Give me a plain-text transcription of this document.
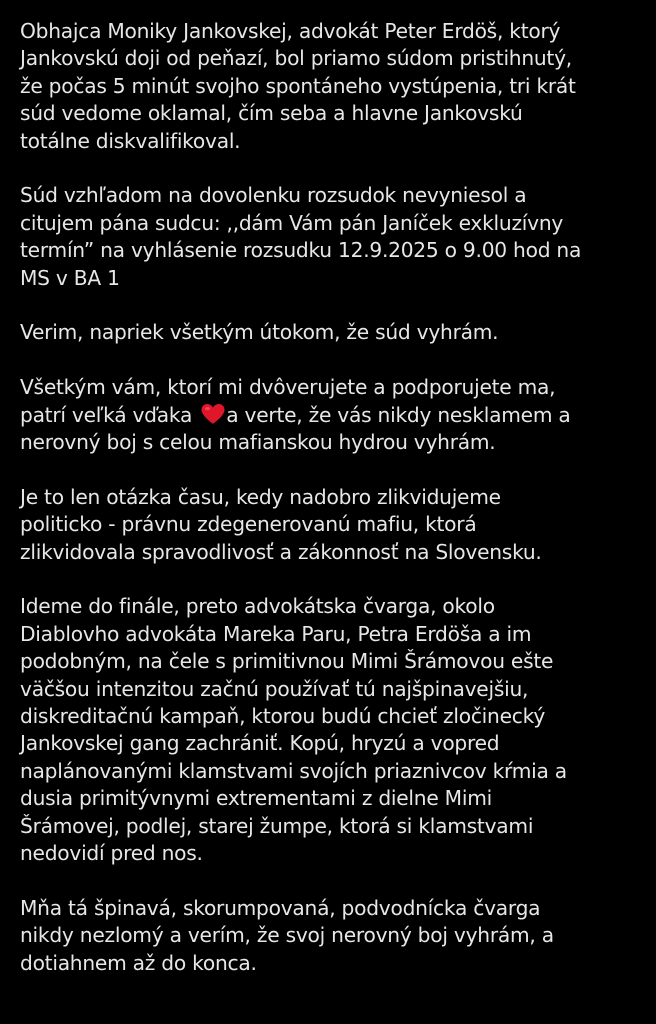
Obhajca Moniky Jankovskej, advokát Peter Erdöš, ktorý
Jankovskú doji od peňazí, bol priamo súdom pristihnutý,
že počas 5 minút svojho spontáneho vystúpenia, tri krát
súd vedome oklamal, čím seba a hlavne Jankovskú
totálne diskvalifikoval.

Súd vzhľadom na dovolenku rozsudok nevyniesol a
citujem pána sudcu: ,,dám Vám pán Janíček exkluzívny
termín” na vyhlásenie rozsudku 12.9.2025 o 9.00 hod na
MS v BA 1

Verim, napriek všetkým útokom, že súd vyhrám.

Všetkým vám, ktorí mi dvôverujete a podporujete ma,
patrí veľká vďaka
a verte, že vás nikdy nesklamem a
nerovný boj s celou mafianskou hydrou vyhrám.

Je to len otázka času, kedy nadobro zlikvidujeme
politicko - právnu zdegenerovanú mafiu, ktorá
zlikvidovala spravodlivosť a zákonnosť na Slovensku.

Ideme do finále, preto advokátska čvarga, okolo
Diablovho advokáta Mareka Paru, Petra Erdöša a im
podobným, na čele s primitivnou Mimi Šrámovou ešte
väčšou intenzitou začnú používať tú najšpinavejšiu,
diskreditačnú kampaň, ktorou budú chcieť zločinecký
Jankovskej gang zachrániť. Kopú, hryzú a vopred
naplánovanými klamstvami svojích priaznivcov kŕmia a
dusia primitývnymi extrementami z dielne Mimi
Šrámovej, podlej, starej žumpe, ktorá si klamstvami
nedovidí pred nos.

Mňa tá špinavá, skorumpovaná, podvodnícka čvarga
nikdy nezlomý a verím, že svoj nerovný boj vyhrám, a
dotiahnem až do konca.
